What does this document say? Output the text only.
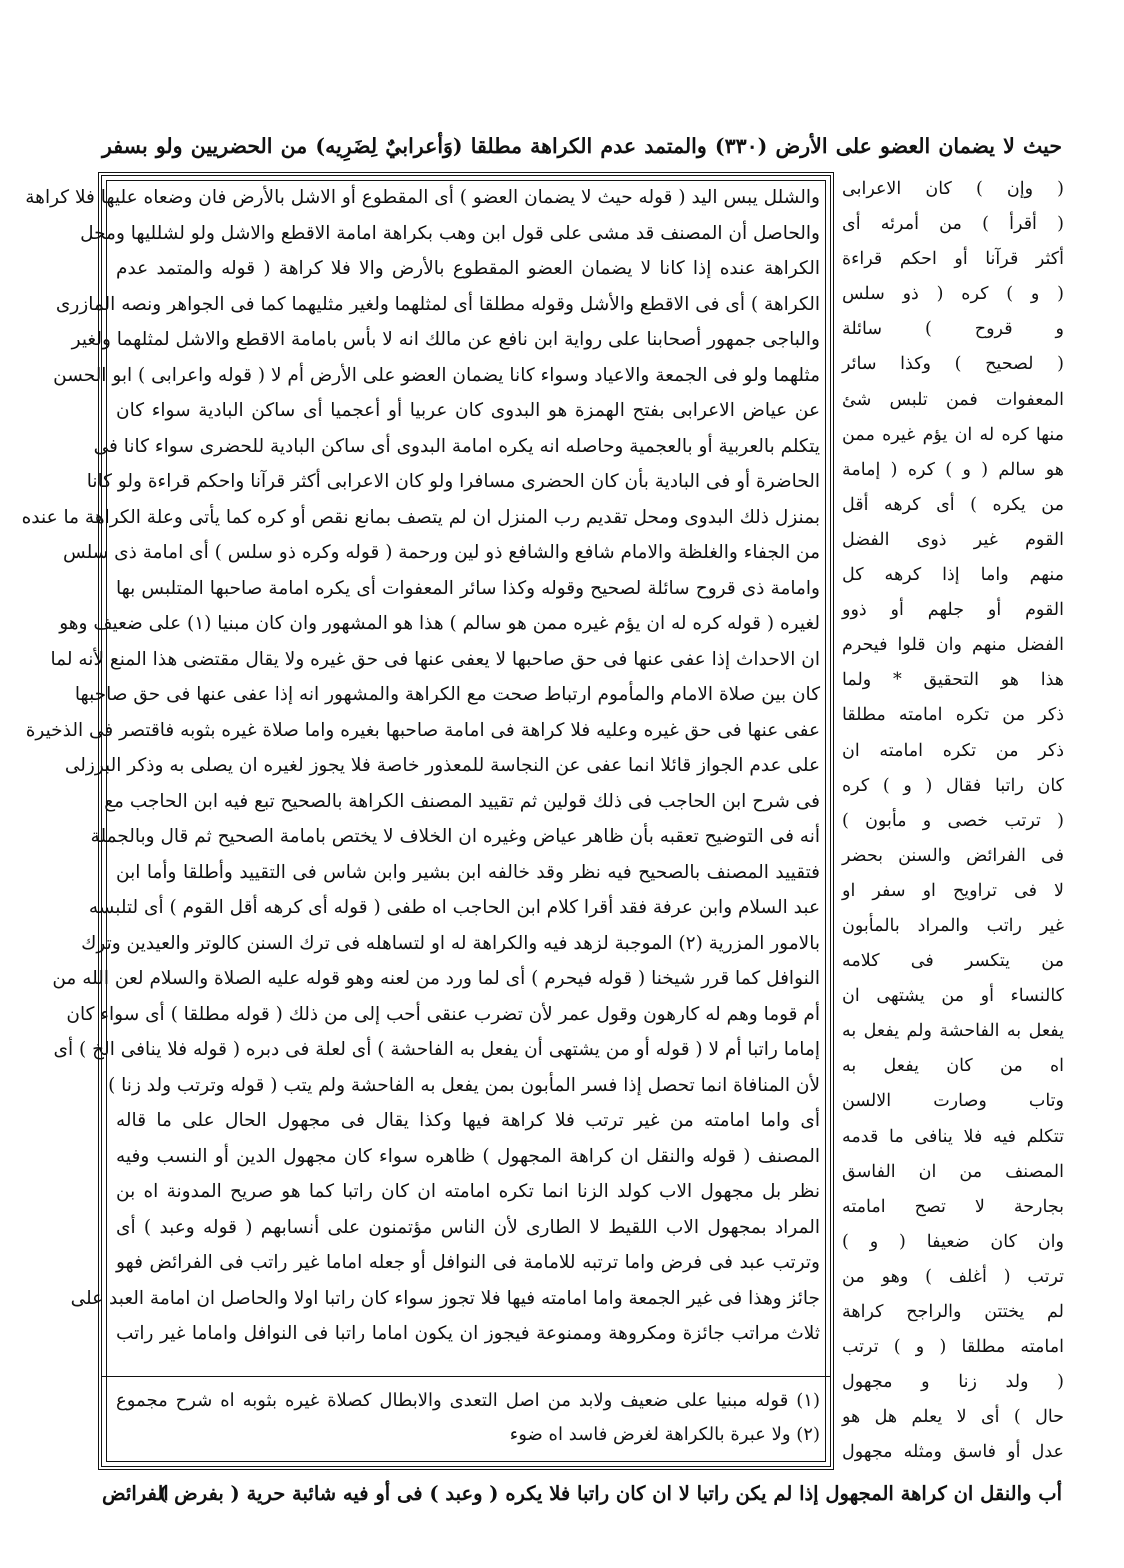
حيث لا يضمان العضو على الأرض (٣٣٠) والمتمد عدم الكراهة مطلقا (وَأعرابيٌ لِضَرِيه) من الحضريين ولو بسفر
والشلل يبس اليد ( قوله حيث لا يضمان العضو ) أى المقطوع أو الاشل بالأرض فان وضعاه عليها فلا كراهة
والحاصل أن المصنف قد مشى على قول ابن وهب بكراهة امامة الاقطع والاشل ولو لشلليها ومحل
الكراهة عنده إذا كانا لا يضمان العضو المقطوع بالأرض والا فلا كراهة ( قوله والمتمد عدم
الكراهة ) أى فى الاقطع والأشل وقوله مطلقا أى لمثلهما ولغير مثليهما كما فى الجواهر ونصه المازرى
والباجى جمهور أصحابنا على رواية ابن نافع عن مالك انه لا بأس بامامة الاقطع والاشل لمثلهما ولغير
مثلهما ولو فى الجمعة والاعياد وسواء كانا يضمان العضو على الأرض أم لا ( قوله واعرابى ) ابو الحسن
عن عياض الاعرابى بفتح الهمزة هو البدوى كان عربيا أو أعجميا أى ساكن البادية سواء كان
يتكلم بالعربية أو بالعجمية وحاصله انه يكره امامة البدوى أى ساكن البادية للحضرى سواء كانا فى
الحاضرة أو فى البادية بأن كان الحضرى مسافرا ولو كان الاعرابى أكثر قرآنا واحكم قراءة ولو كانا
بمنزل ذلك البدوى ومحل تقديم رب المنزل ان لم يتصف بمانع نقص أو كره كما يأتى وعلة الكراهة ما عنده
من الجفاء والغلظة والامام شافع والشافع ذو لين ورحمة ( قوله وكره ذو سلس ) أى امامة ذى سلس
وامامة ذى قروح سائلة لصحيح وقوله وكذا سائر المعفوات أى يكره امامة صاحبها المتلبس بها
لغيره ( قوله كره له ان يؤم غيره ممن هو سالم ) هذا هو المشهور وان كان مبنيا (١) على ضعيف وهو
ان الاحداث إذا عفى عنها فى حق صاحبها لا يعفى عنها فى حق غيره ولا يقال مقتضى هذا المنع لأنه لما
كان بين صلاة الامام والمأموم ارتباط صحت مع الكراهة والمشهور انه إذا عفى عنها فى حق صاحبها
عفى عنها فى حق غيره وعليه فلا كراهة فى امامة صاحبها بغيره واما صلاة غيره بثوبه فاقتصر فى الذخيرة
على عدم الجواز قائلا انما عفى عن النجاسة للمعذور خاصة فلا يجوز لغيره ان يصلى به وذكر البرزلى
فى شرح ابن الحاجب فى ذلك قولين ثم تقييد المصنف الكراهة بالصحيح تبع فيه ابن الحاجب مع
أنه فى التوضيح تعقبه بأن ظاهر عياض وغيره ان الخلاف لا يختص بامامة الصحيح ثم قال وبالجملة
فتقييد المصنف بالصحيح فيه نظر وقد خالفه ابن بشير وابن شاس فى التقييد وأطلقا وأما ابن
عبد السلام وابن عرفة فقد أقرا كلام ابن الحاجب اه طفى ( قوله أى كرهه أقل القوم ) أى لتلبسه
بالامور المزرية (٢) الموجبة لزهد فيه والكراهة له او لتساهله فى ترك السنن كالوتر والعيدين وترك
النوافل كما قرر شيخنا ( قوله فيحرم ) أى لما ورد من لعنه وهو قوله عليه الصلاة والسلام لعن الله من
أم قوما وهم له كارهون وقول عمر لأن تضرب عنقى أحب إلى من ذلك ( قوله مطلقا ) أى سواء كان
إماما راتبا أم لا ( قوله أو من يشتهى أن يفعل به الفاحشة ) أى لعلة فى دبره ( قوله فلا ينافى الخ ) أى
لأن المنافاة انما تحصل إذا فسر المأبون بمن يفعل به الفاحشة ولم يتب ( قوله وترتب ولد زنا )
أى واما امامته من غير ترتب فلا كراهة فيها وكذا يقال فى مجهول الحال على ما قاله
المصنف ( قوله والنقل ان كراهة المجهول ) ظاهره سواء كان مجهول الدين أو النسب وفيه
نظر بل مجهول الاب كولد الزنا انما تكره امامته ان كان راتبا كما هو صريح المدونة اه بن
المراد بمجهول الاب اللقيط لا الطارى لأن الناس مؤتمنون على أنسابهم ( قوله وعبد ) أى
وترتب عبد فى فرض واما ترتبه للامامة فى النوافل أو جعله اماما غير راتب فى الفرائض فهو
جائز وهذا فى غير الجمعة واما امامته فيها فلا تجوز سواء كان راتبا اولا والحاصل ان امامة العبد على
ثلاث مراتب جائزة ومكروهة وممنوعة فيجوز ان يكون اماما راتبا فى النوافل واماما غير راتب
(١) قوله مبنيا على ضعيف ولابد من اصل التعدى والابطال كصلاة غيره بثوبه اه شرح مجموع
(٢) ولا عبرة بالكراهة لغرض فاسد اه ضوء
( وإن ) كان الاعرابى
( أقرأ ) من أمرئه أى
أكثر قرآنا أو احكم قراءة
( و ) كره ( ذو سلس
و قروح ) سائلة
( لصحيح ) وكذا سائر
المعفوات فمن تلبس شئ
منها كره له ان يؤم غيره ممن
هو سالم ( و ) كره ( إمامة
من يكره ) أى كرهه أقل
القوم غير ذوى الفضل
منهم واما إذا كرهه كل
القوم أو جلهم أو ذوو
الفضل منهم وان قلوا فيحرم
هذا هو التحقيق * ولما
ذكر من تكره امامته مطلقا
ذكر من تكره امامته ان
كان راتبا فقال ( و ) كره
( ترتب خصى و مأبون )
فى الفرائض والسنن بحضر
لا فى تراويح او سفر او
غير راتب والمراد بالمأبون
من يتكسر فى كلامه
كالنساء أو من يشتهى ان
يفعل به الفاحشة ولم يفعل به
اه من كان يفعل به
وتاب وصارت الالسن
تتكلم فيه فلا ينافى ما قدمه
المصنف من ان الفاسق
بجارحة لا تصح امامته
وان كان ضعيفا ( و )
ترتب ( أغلف ) وهو من
لم يختتن والراجح كراهة
امامته مطلقا ( و ) ترتب
( ولد زنا و مجهول
حال ) أى لا يعلم هل هو
عدل أو فاسق ومثله مجهول
أب والنقل ان كراهة المجهول إذا لم يكن راتبا لا ان كان راتبا فلا يكره ( وعبد ) فى أو فيه شائبة حرية ( بفرض )
الفرائض
